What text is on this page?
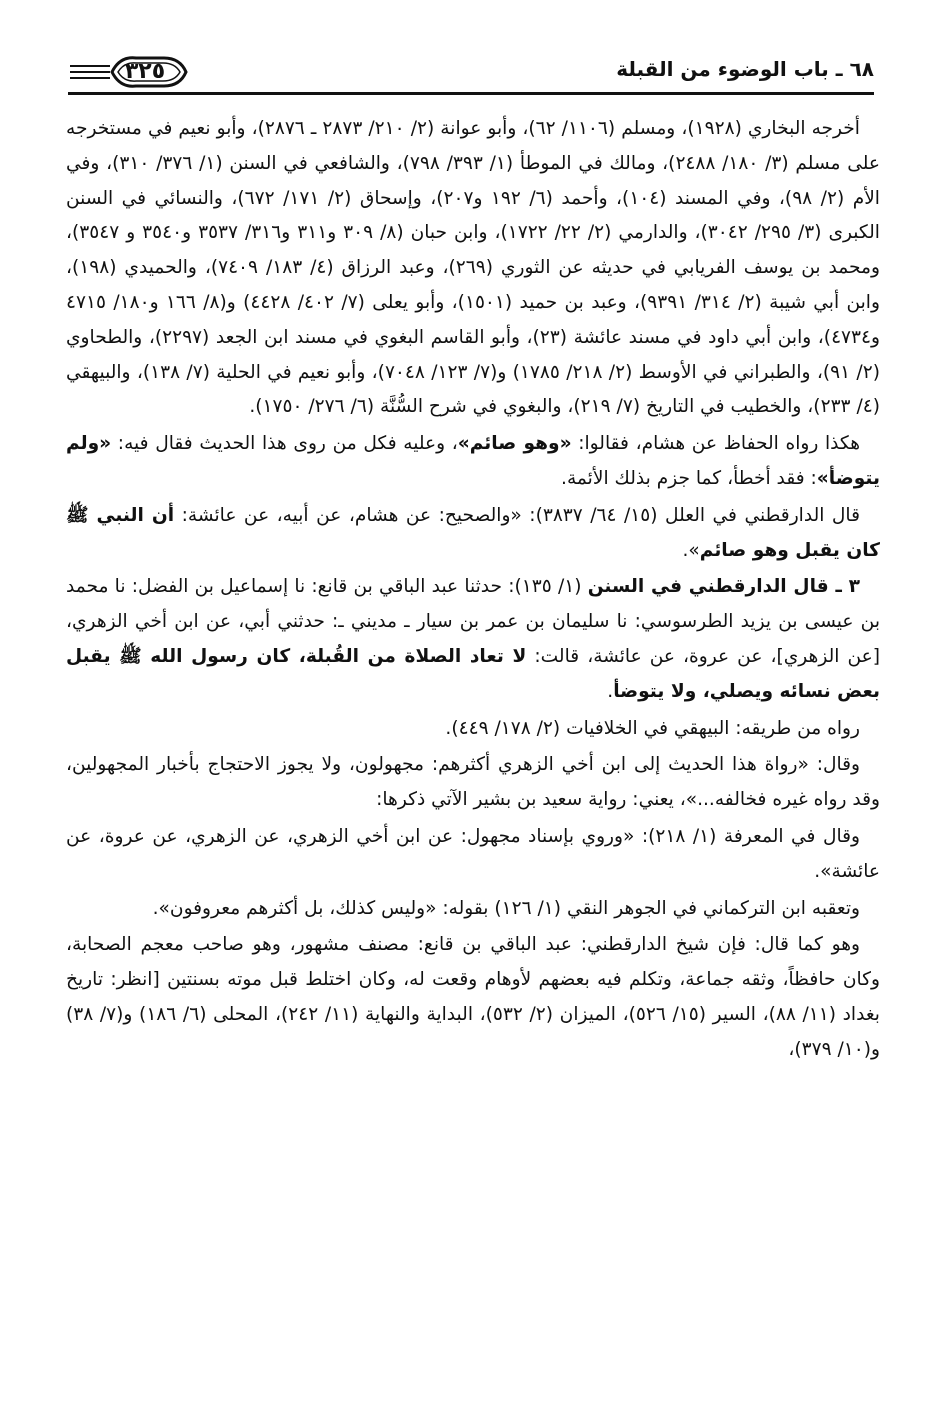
٦٨ ـ باب الوضوء من القبلة
٣٢٥

أخرجه البخاري (١٩٢٨)، ومسلم (١١٠٦/ ٦٢)، وأبو عوانة (٢/ ٢١٠/ ٢٨٧٣ ـ ٢٨٧٦)، وأبو نعيم في مستخرجه على مسلم (٣/ ١٨٠/ ٢٤٨٨)، ومالك في الموطأ (١/ ٣٩٣/ ٧٩٨)، والشافعي في السنن (١/ ٣٧٦/ ٣١٠)، وفي الأم (٢/ ٩٨)، وفي المسند (١٠٤)، وأحمد (٦/ ١٩٢ و٢٠٧)، وإسحاق (٢/ ١٧١/ ٦٧٢)، والنسائي في السنن الكبرى (٣/ ٢٩٥/ ٣٠٤٢)، والدارمي (٢/ ٢٢/ ١٧٢٢)، وابن حبان (٨/ ٣٠٩ و٣١١ و٣١٦/ ٣٥٣٧ و٣٥٤٠ و ٣٥٤٧)، ومحمد بن يوسف الفريابي في حديثه عن الثوري (٢٦٩)، وعبد الرزاق (٤/ ١٨٣/ ٧٤٠٩)، والحميدي (١٩٨)، وابن أبي شيبة (٢/ ٣١٤/ ٩٣٩١)، وعبد بن حميد (١٥٠١)، وأبو يعلى (٧/ ٤٠٢/ ٤٤٢٨) و(٨/ ١٦٦ و١٨٠/ ٤٧١٥ و٤٧٣٤)، وابن أبي داود في مسند عائشة (٢٣)، وأبو القاسم البغوي في مسند ابن الجعد (٢٢٩٧)، والطحاوي (٢/ ٩١)، والطبراني في الأوسط (٢/ ٢١٨/ ١٧٨٥) و(٧/ ١٢٣/ ٧٠٤٨)، وأبو نعيم في الحلية (٧/ ١٣٨)، والبيهقي (٤/ ٢٣٣)، والخطيب في التاريخ (٧/ ٢١٩)، والبغوي في شرح السُّنَّة (٦/ ٢٧٦/ ١٧٥٠).

هكذا رواه الحفاظ عن هشام، فقالوا: «وهو صائم»، وعليه فكل من روى هذا الحديث فقال فيه: «ولم يتوضأ»: فقد أخطأ، كما جزم بذلك الأئمة.

قال الدارقطني في العلل (١٥/ ٦٤/ ٣٨٣٧): «والصحيح: عن هشام، عن أبيه، عن عائشة: أن النبي ﷺ كان يقبل وهو صائم».

٣ ـ قال الدارقطني في السنن (١/ ١٣٥): حدثنا عبد الباقي بن قانع: نا إسماعيل بن الفضل: نا محمد بن عيسى بن يزيد الطرسوسي: نا سليمان بن عمر بن سيار ـ مديني ـ: حدثني أبي، عن ابن أخي الزهري، [عن الزهري]، عن عروة، عن عائشة، قالت: لا تعاد الصلاة من القُبلة، كان رسول الله ﷺ يقبل بعض نسائه ويصلي، ولا يتوضأ.

رواه من طريقه: البيهقي في الخلافيات (٢/ ١٧٨/ ٤٤٩).

وقال: «رواة هذا الحديث إلى ابن أخي الزهري أكثرهم: مجهولون، ولا يجوز الاحتجاج بأخبار المجهولين، وقد رواه غيره فخالفه...»، يعني: رواية سعيد بن بشير الآتي ذكرها:

وقال في المعرفة (١/ ٢١٨): «وروي بإسناد مجهول: عن ابن أخي الزهري، عن الزهري، عن عروة، عن عائشة».

وتعقبه ابن التركماني في الجوهر النقي (١/ ١٢٦) بقوله: «وليس كذلك، بل أكثرهم معروفون».

وهو كما قال: فإن شيخ الدارقطني: عبد الباقي بن قانع: مصنف مشهور، وهو صاحب معجم الصحابة، وكان حافظاً، وثقه جماعة، وتكلم فيه بعضهم لأوهام وقعت له، وكان اختلط قبل موته بسنتين [انظر: تاريخ بغداد (١١/ ٨٨)، السير (١٥/ ٥٢٦)، الميزان (٢/ ٥٣٢)، البداية والنهاية (١١/ ٢٤٢)، المحلى (٦/ ١٨٦) و(٧/ ٣٨) و(١٠/ ٣٧٩)،
